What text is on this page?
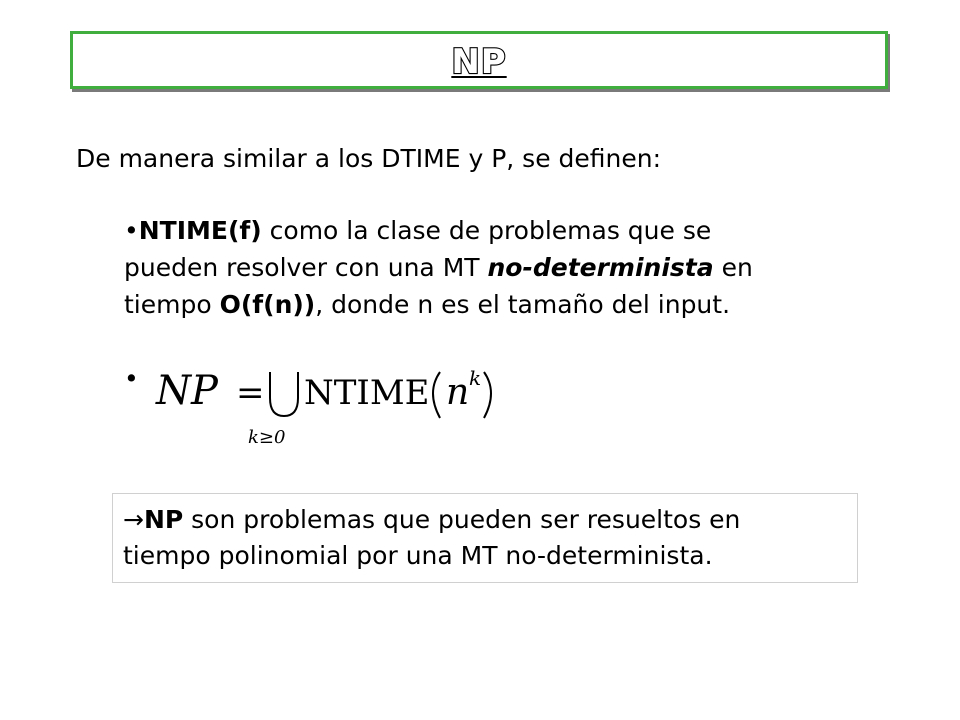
NP
De manera similar a los DTIME y P, se definen:
•NTIME(f) como la clase de problemas que se
pueden resolver con una MT no-determinista en
tiempo O(f(n)), donde n es el tamaño del input.
• NP =
k≥0
NTIME n k
→NP son problemas que pueden ser resueltos en
tiempo polinomial por una MT no-determinista.
